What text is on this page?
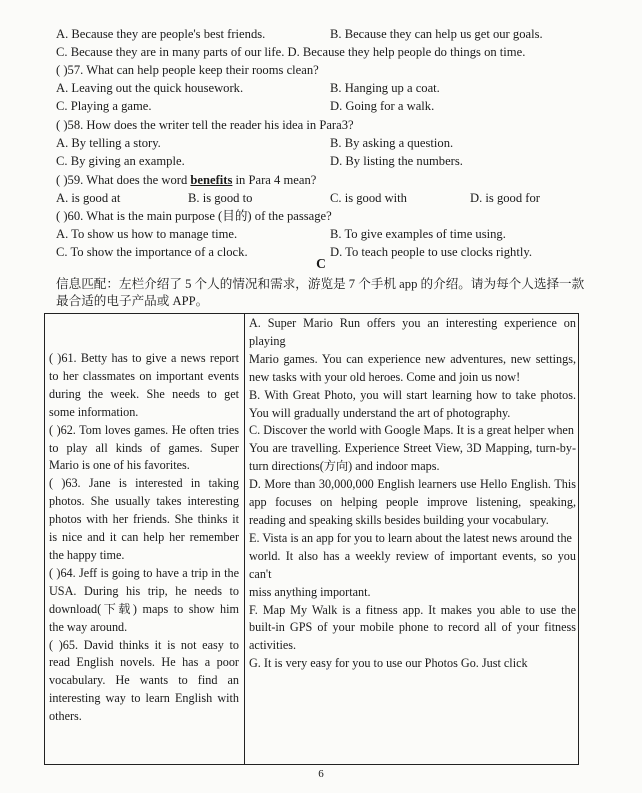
A. Because they are people's best friends.	B. Because they can help us get our goals.
C. Because they are in many parts of our life. D. Because they help people do things on time.
( )57. What can help people keep their rooms clean?
A. Leaving out the quick housework.	B. Hanging up a coat.
C. Playing a game.	D. Going for a walk.
( )58. How does the writer tell the reader his idea in Para3?
A. By telling a story.	B. By asking a question.
C. By giving an example.	D. By listing the numbers.
( )59. What does the word benefits in Para 4 mean?
A. is good at	B. is good to	C. is good with	D. is good for
( )60. What is the main purpose (目的) of the passage?
A. To show us how to manage time.	B. To give examples of time using.
C. To show the importance of a clock.	D. To teach people to use clocks rightly.
C
信息匹配：左栏介绍了 5 个人的情况和需求，游览是 7 个手机 app 的介绍。请为每个人选择一款最合适的电子产品或 APP。

( )61. Betty has to give a news report to her classmates on important events during the week. She needs to get some information.

( )62. Tom loves games. He often tries to play all kinds of games. Super Mario is one of his favorites.

( )63. Jane is interested in taking photos. She usually takes interesting photos with her friends. She thinks it is nice and it can help her remember the happy time.

( )64. Jeff is going to have a trip in the USA. During his trip, he needs to download(下载) maps to show him the way around.

( )65. David thinks it is not easy to read English novels. He has a poor vocabulary. He wants to find an interesting way to learn English with others.

A. Super Mario Run offers you an interesting experience on playing

Mario games. You can experience new adventures, new settings, new tasks with your old heroes. Come and join us now!

B. With Great Photo, you will start learning how to take photos. You will gradually understand the art of photography.

C. Discover the world with Google Maps. It is a great helper when

You are travelling. Experience Street View, 3D Mapping, turn-by-turn directions(方向) and indoor maps.

D. More than 30,000,000 English learners use Hello English. This app focuses on helping people improve listening, speaking, reading and speaking skills besides building your vocabulary.

E. Vista is an app for you to learn about the latest news around the

world. It also has a weekly review of important events, so you can't

miss anything important.

F. Map My Walk is a fitness app. It makes you able to use the built-in GPS of your mobile phone to record all of your fitness activities.

G. It is very easy for you to use our Photos Go. Just click

6
